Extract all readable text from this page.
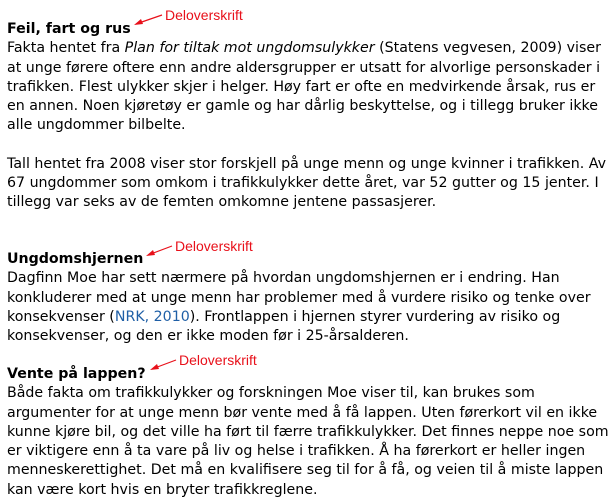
Feil, fart og rus

Fakta hentet fra Plan for tiltak mot ungdomsulykker (Statens vegvesen, 2009) viser at unge førere oftere enn andre aldersgrupper er utsatt for alvorlige personskader i trafikken. Flest ulykker skjer i helger. Høy fart er ofte en medvirkende årsak, rus er en annen. Noen kjøretøy er gamle og har dårlig beskyttelse, og i tillegg bruker ikke alle ungdommer bilbelte.

Tall hentet fra 2008 viser stor forskjell på unge menn og unge kvinner i trafikken. Av 67 ungdommer som omkom i trafikkulykker dette året, var 52 gutter og 15 jenter. I tillegg var seks av de femten omkomne jentene passasjerer.

Ungdomshjernen

Dagfinn Moe har sett nærmere på hvordan ungdomshjernen er i endring. Han konkluderer med at unge menn har problemer med å vurdere risiko og tenke over konsekvenser (NRK, 2010). Frontlappen i hjernen styrer vurdering av risiko og konsekvenser, og den er ikke moden før i 25-årsalderen.

Vente på lappen?

Både fakta om trafikkulykker og forskningen Moe viser til, kan brukes som argumenter for at unge menn bør vente med å få lappen. Uten førerkort vil en ikke kunne kjøre bil, og det ville ha ført til færre trafikkulykker. Det finnes neppe noe som er viktigere enn å ta vare på liv og helse i trafikken. Å ha førerkort er heller ingen menneskerettighet. Det må en kvalifisere seg til for å få, og veien til å miste lappen kan være kort hvis en bryter trafikkreglene.

Deloverskrift
Deloverskrift
Deloverskrift
